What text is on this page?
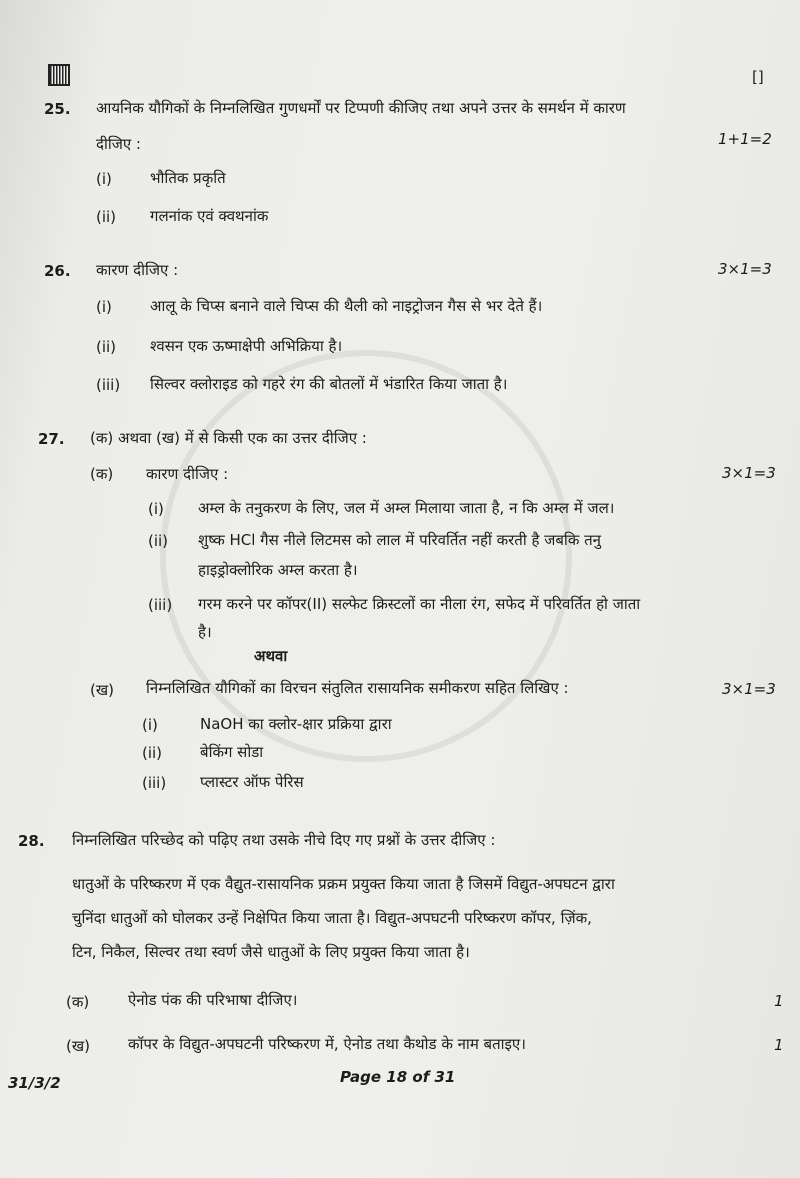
[]
25. आयनिक यौगिकों के निम्नलिखित गुणधर्मों पर टिप्पणी कीजिए तथा अपने उत्तर के समर्थन में कारण
दीजिए :	1+1=2
(i)	भौतिक प्रकृति
(ii) गलनांक एवं क्वथनांक
26. कारण दीजिए :	3×1=3
(i)	आलू के चिप्स बनाने वाले चिप्स की थैली को नाइट्रोजन गैस से भर देते हैं।
(ii) श्वसन एक ऊष्माक्षेपी अभिक्रिया है।
(iii) सिल्वर क्लोराइड को गहरे रंग की बोतलों में भंडारित किया जाता है।
27. (क) अथवा (ख) में से किसी एक का उत्तर दीजिए :
(क) कारण दीजिए :	3×1=3
(i) अम्ल के तनुकरण के लिए, जल में अम्ल मिलाया जाता है, न कि अम्ल में जल।
(ii) शुष्क HCl गैस नीले लिटमस को लाल में परिवर्तित नहीं करती है जबकि तनु
हाइड्रोक्लोरिक अम्ल करता है।
(iii) गरम करने पर कॉपर(II) सल्फेट क्रिस्टलों का नीला रंग, सफेद में परिवर्तित हो जाता
है।
अथवा
(ख) निम्नलिखित यौगिकों का विरचन संतुलित रासायनिक समीकरण सहित लिखिए :	3×1=3
(i)	NaOH का क्लोर-क्षार प्रक्रिया द्वारा
(ii)	बेकिंग सोडा
(iii) प्लास्टर ऑफ पेरिस
28. निम्नलिखित परिच्छेद को पढ़िए तथा उसके नीचे दिए गए प्रश्नों के उत्तर दीजिए :
धातुओं के परिष्करण में एक वैद्युत-रासायनिक प्रक्रम प्रयुक्त किया जाता है जिसमें विद्युत-अपघटन द्वारा
चुनिंदा धातुओं को घोलकर उन्हें निक्षेपित किया जाता है। विद्युत-अपघटनी परिष्करण कॉपर, ज़िंक,
टिन, निकैल, सिल्वर तथा स्वर्ण जैसे धातुओं के लिए प्रयुक्त किया जाता है।
(क)	ऐनोड पंक की परिभाषा दीजिए।	1
(ख)	कॉपर के विद्युत-अपघटनी परिष्करण में, ऐनोड तथा कैथोड के नाम बताइए।	1
31/3/2	Page 18 of 31
